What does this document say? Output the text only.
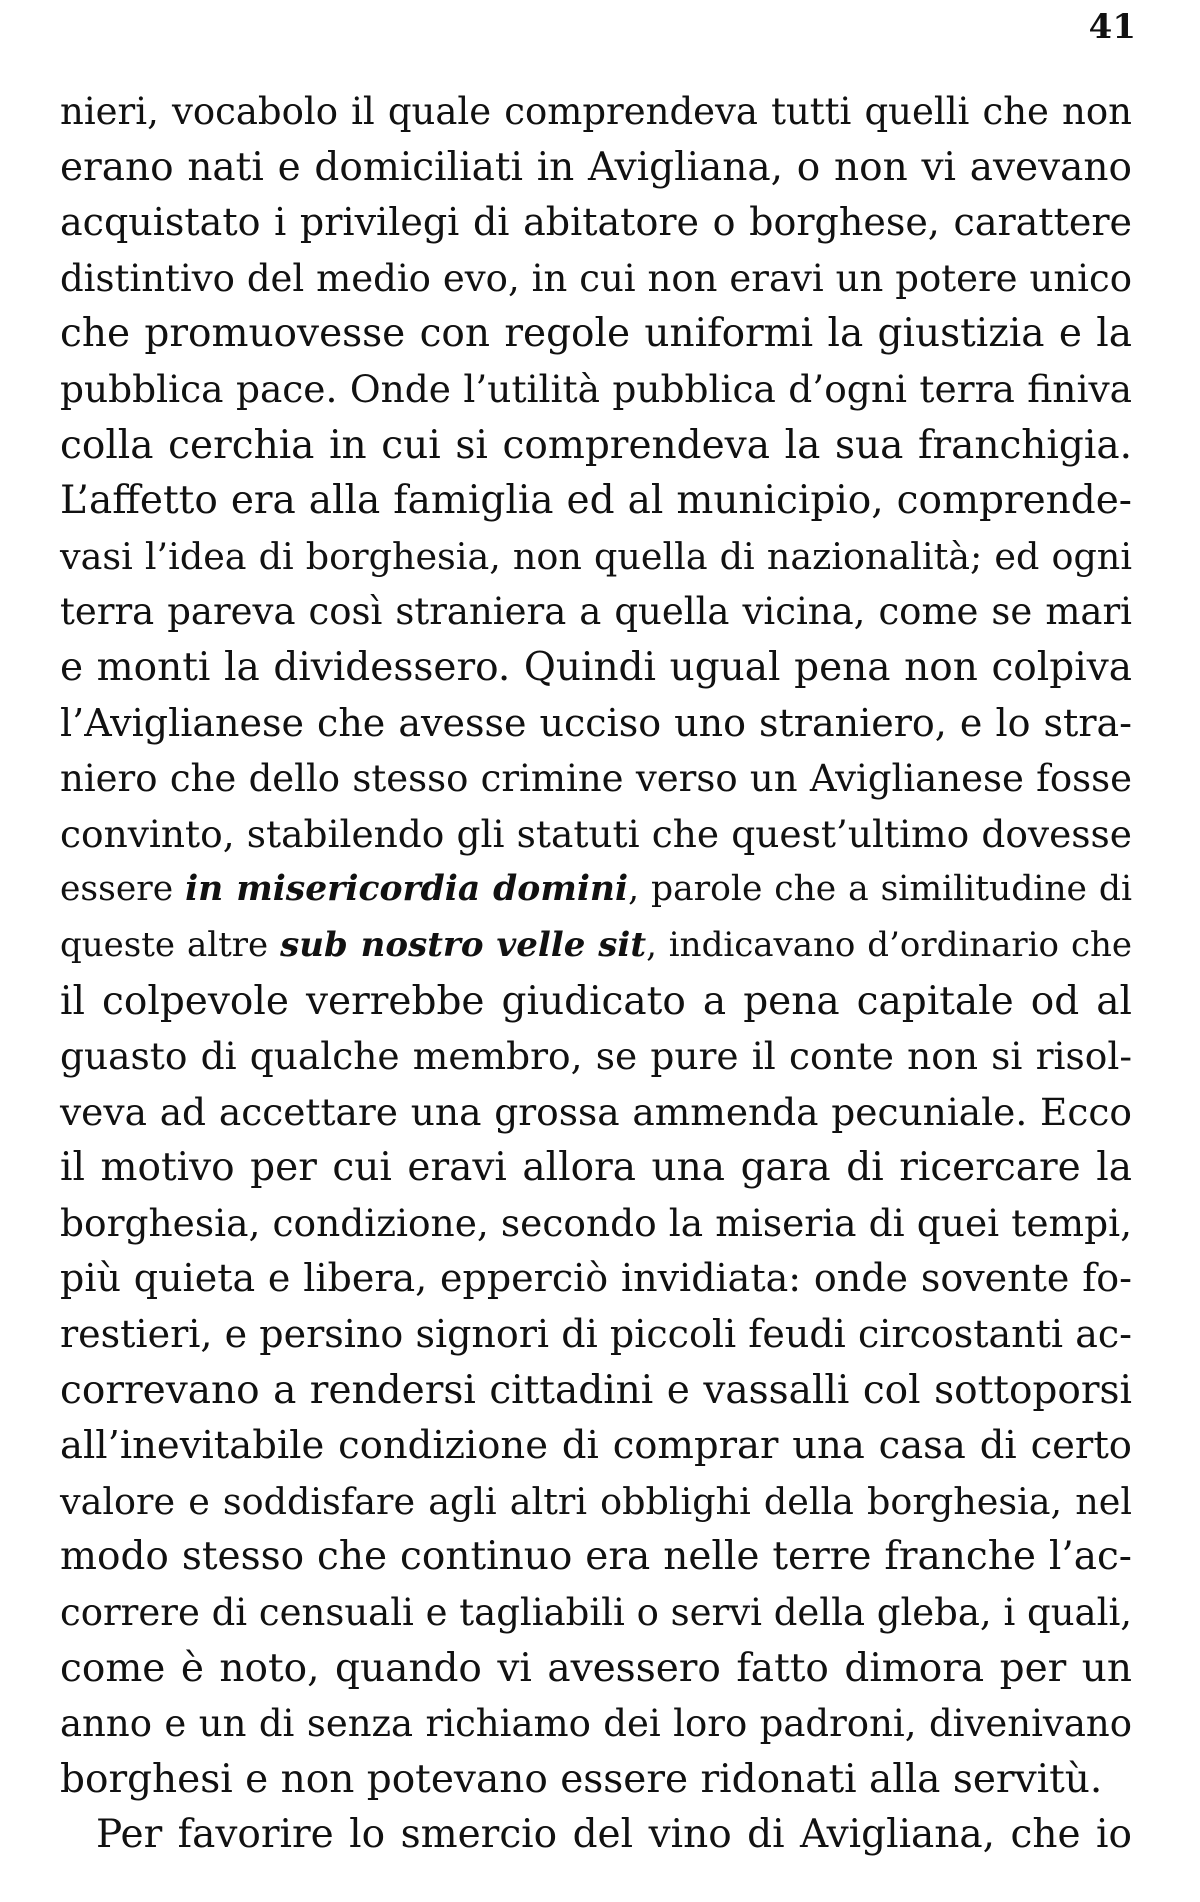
41
nieri, vocabolo il quale comprendeva tutti quelli che non
erano nati e domiciliati in Avigliana, o non vi avevano
acquistato i privilegi di abitatore o borghese, carattere
distintivo del medio evo, in cui non eravi un potere unico
che promuovesse con regole uniformi la giustizia e la
pubblica pace. Onde l’utilità pubblica d’ogni terra finiva
colla cerchia in cui si comprendeva la sua franchigia.
L’affetto era alla famiglia ed al municipio, comprende-
vasi l’idea di borghesia, non quella di nazionalità; ed ogni
terra pareva così straniera a quella vicina, come se mari
e monti la dividessero. Quindi ugual pena non colpiva
l’Aviglianese che avesse ucciso uno straniero, e lo stra-
niero che dello stesso crimine verso un Aviglianese fosse
convinto, stabilendo gli statuti che quest’ultimo dovesse
essere in misericordia domini, parole che a similitudine di
queste altre sub nostro velle sit, indicavano d’ordinario che
il colpevole verrebbe giudicato a pena capitale od al
guasto di qualche membro, se pure il conte non si risol-
veva ad accettare una grossa ammenda pecuniale. Ecco
il motivo per cui eravi allora una gara di ricercare la
borghesia, condizione, secondo la miseria di quei tempi,
più quieta e libera, epperciò invidiata: onde sovente fo-
restieri, e persino signori di piccoli feudi circostanti ac-
correvano a rendersi cittadini e vassalli col sottoporsi
all’inevitabile condizione di comprar una casa di certo
valore e soddisfare agli altri obblighi della borghesia, nel
modo stesso che continuo era nelle terre franche l’ac-
correre di censuali e tagliabili o servi della gleba, i quali,
come è noto, quando vi avessero fatto dimora per un
anno e un di senza richiamo dei loro padroni, divenivano
borghesi e non potevano essere ridonati alla servitù.
Per favorire lo smercio del vino di Avigliana, che io
